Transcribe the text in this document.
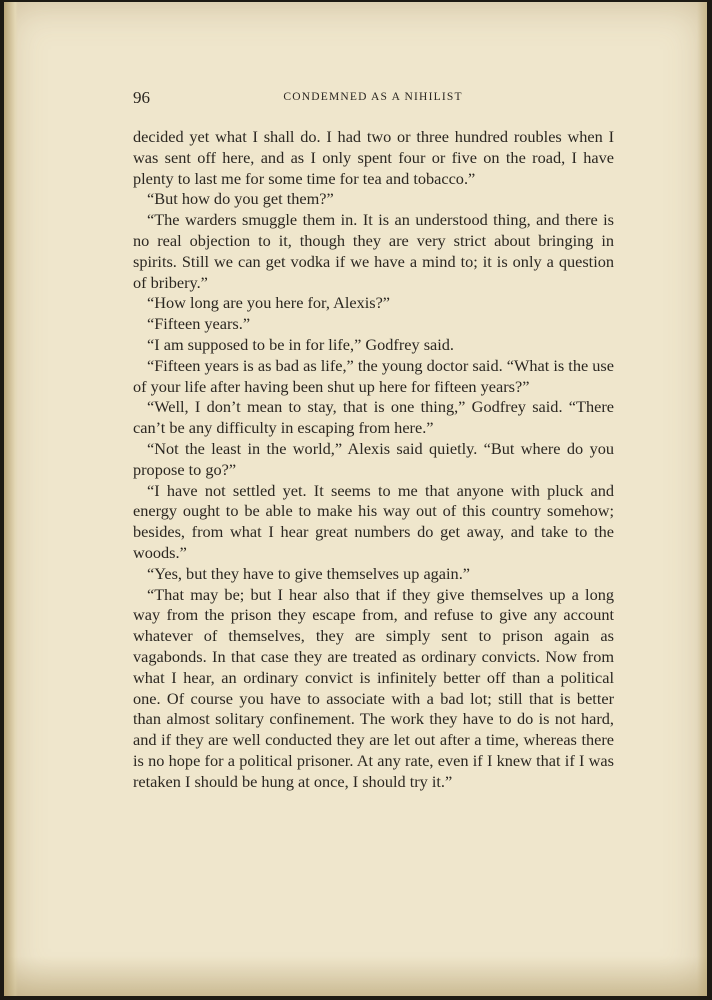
96	CONDEMNED AS A NIHILIST

decided yet what I shall do. I had two or three hundred roubles when I was sent off here, and as I only spent four or five on the road, I have plenty to last me for some time for tea and tobacco.”

“But how do you get them?”

“The warders smuggle them in. It is an understood thing, and there is no real objection to it, though they are very strict about bringing in spirits. Still we can get vodka if we have a mind to; it is only a question of bribery.”

“How long are you here for, Alexis?”

“Fifteen years.”

“I am supposed to be in for life,” Godfrey said.

“Fifteen years is as bad as life,” the young doctor said. “What is the use of your life after having been shut up here for fifteen years?”

“Well, I don’t mean to stay, that is one thing,” Godfrey said. “There can’t be any difficulty in escaping from here.”

“Not the least in the world,” Alexis said quietly. “But where do you propose to go?”

“I have not settled yet. It seems to me that anyone with pluck and energy ought to be able to make his way out of this country somehow; besides, from what I hear great numbers do get away, and take to the woods.”

“Yes, but they have to give themselves up again.”

“That may be; but I hear also that if they give themselves up a long way from the prison they escape from, and refuse to give any account whatever of themselves, they are simply sent to prison again as vagabonds. In that case they are treated as ordinary convicts. Now from what I hear, an ordinary convict is infinitely better off than a political one. Of course you have to associate with a bad lot; still that is better than almost solitary confinement. The work they have to do is not hard, and if they are well conducted they are let out after a time, whereas there is no hope for a political prisoner. At any rate, even if I knew that if I was retaken I should be hung at once, I should try it.”
